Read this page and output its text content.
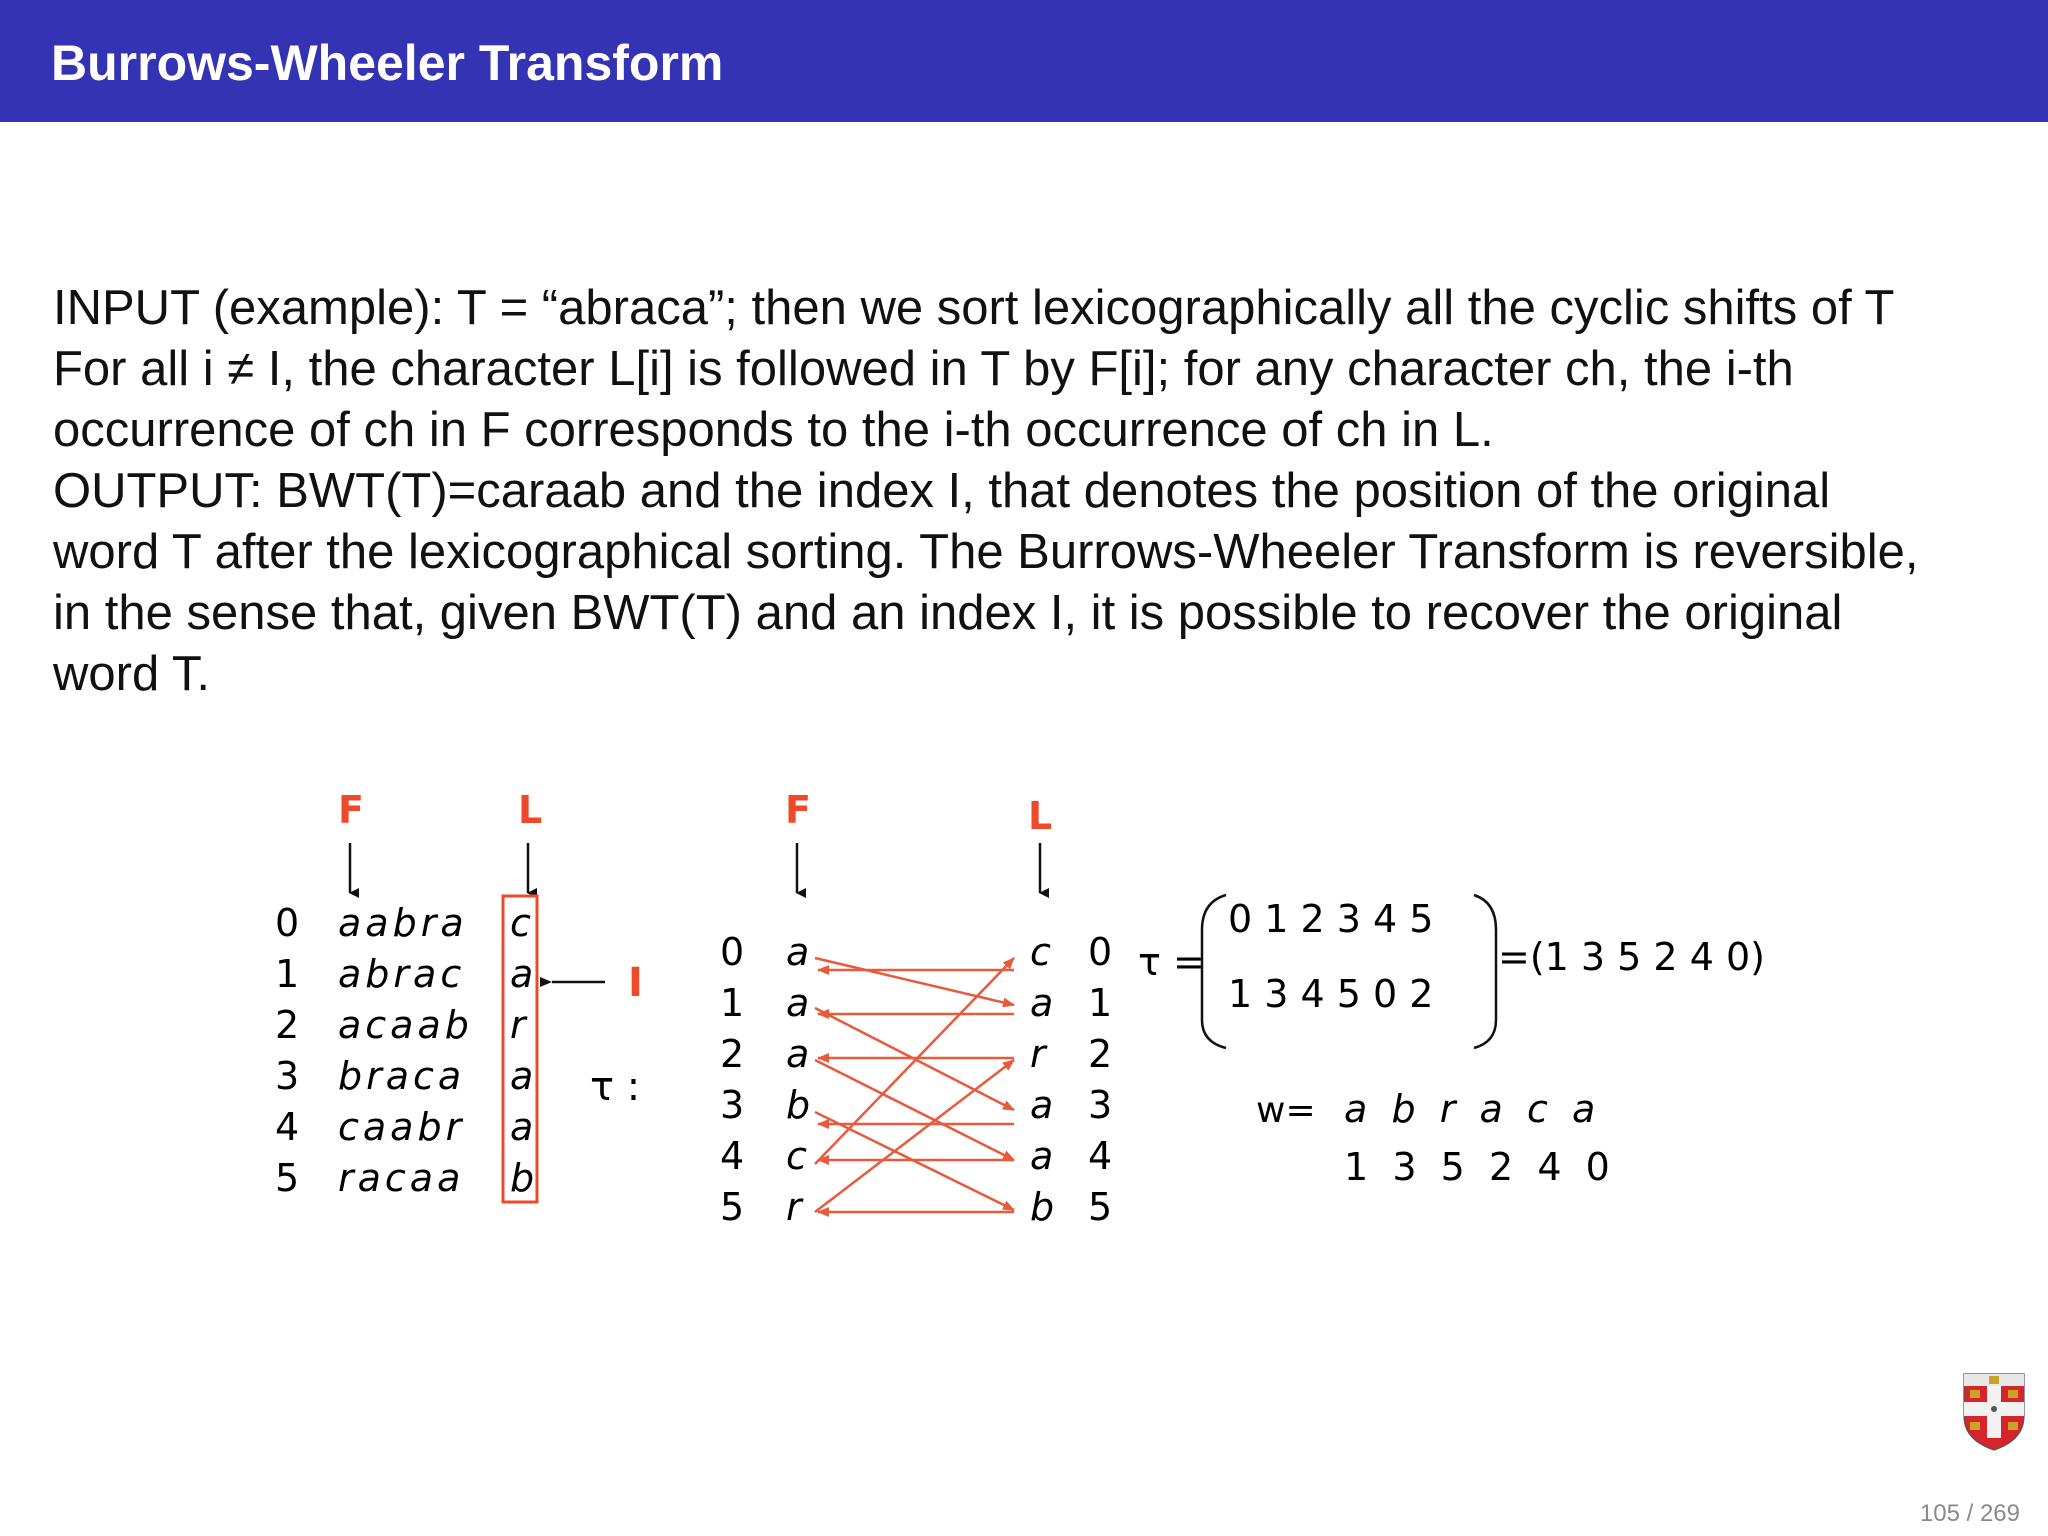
Burrows-Wheeler Transform
INPUT (example): T = “abraca”; then we sort lexicographically all the cyclic shifts of T
For all i ≠ I, the character L[i] is followed in T by F[i]; for any character ch, the i-th
occurrence of ch in F corresponds to the i-th occurrence of ch in L.
OUTPUT: BWT(T)=caraab and the index I, that denotes the position of the original
word T after the lexicographical sorting. The Burrows-Wheeler Transform is reversible,
in the sense that, given BWT(T) and an index I, it is possible to recover the original
word T.
F	L
0
1
2
3
4
5
aabra
abrac
acaab
braca
caabr
racaa
c
a
r
a
a
b
I
τ :
F	L
0
1
2
3
4
5
a
a
a
b
c
r
c
a
r
a
a
b
0
1
2
3
4
5
τ =
0 1 2 3 4 5
1 3 4 5 0 2
=(1 3 5 2 4 0)
w= a  b  r  a  c  a
1  3  5  2  4  0
105 / 269
